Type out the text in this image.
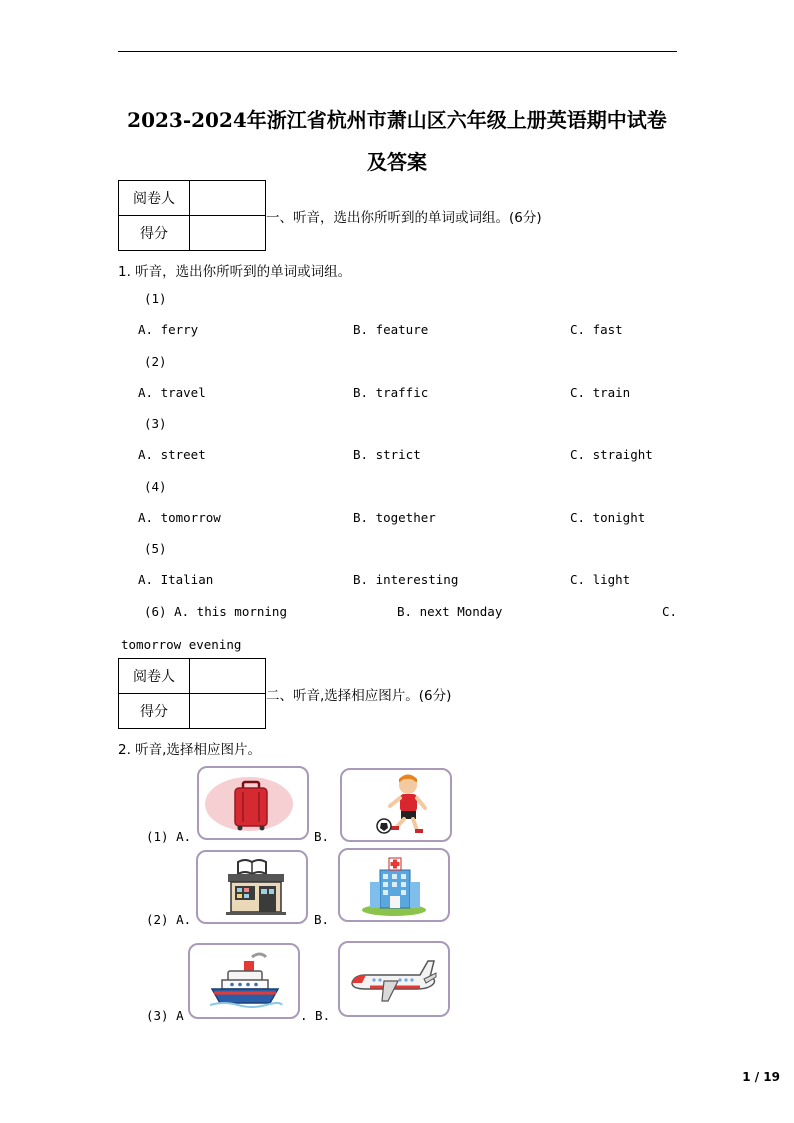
2023-2024年浙江省杭州市萧山区六年级上册英语期中试卷
及答案
阅卷人	
得分	
一、听音，选出你所听到的单词或词组。(6分)
1. 听音，选出你所听到的单词或词组。
(1)
A. ferry	B. feature	C. fast
(2)
A. travel	B. traffic	C. train
(3)
A. street	B. strict	C. straight
(4)
A. tomorrow	B. together	C. tonight
(5)
A. Italian	B. interesting	C. light
(6) A. this morning	B. next Monday	C.
tomorrow evening
阅卷人	
得分	
二、听音,选择相应图片。(6分)
2. 听音,选择相应图片。
(1) A.	B.
(2) A.	B.
(3) A	. B.
1 / 19
